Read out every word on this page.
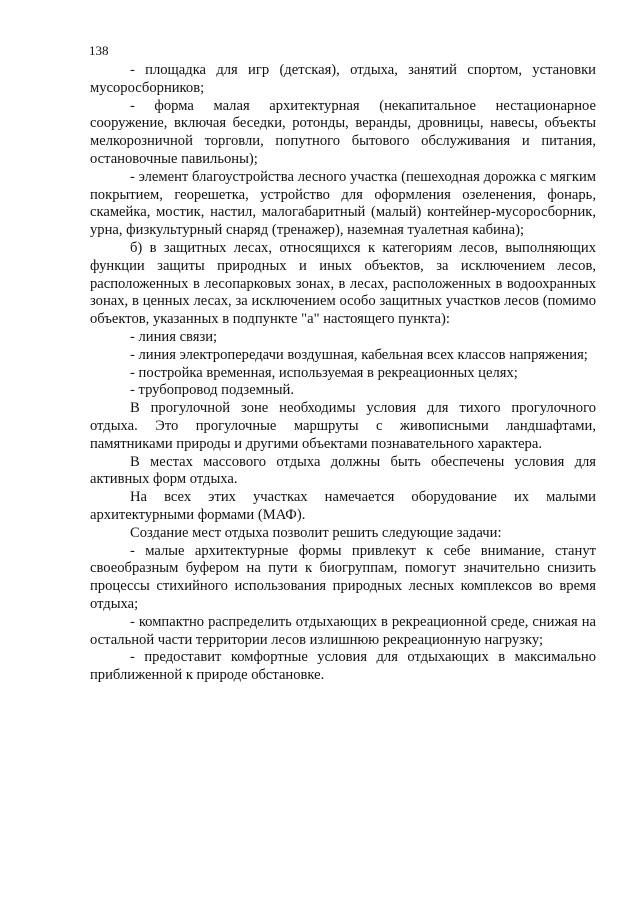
138

- площадка для игр (детская), отдыха, занятий спортом, установки мусоросборников;

- форма малая архитектурная (некапитальное нестационарное сооружение, включая беседки, ротонды, веранды, дровницы, навесы, объекты мелкорозничной торговли, попутного бытового обслуживания и питания, остановочные павильоны);

- элемент благоустройства лесного участка (пешеходная дорожка с мягким покрытием, георешетка, устройство для оформления озеленения, фонарь, скамейка, мостик, настил, малогабаритный (малый) контейнер-мусоросборник, урна, физкультурный снаряд (тренажер), наземная туалетная кабина);

б) в защитных лесах, относящихся к категориям лесов, выполняющих функции защиты природных и иных объектов, за исключением лесов, расположенных в лесопарковых зонах, в лесах, расположенных в водоохранных зонах, в ценных лесах, за исключением особо защитных участков лесов (помимо объектов, указанных в подпункте "а" настоящего пункта):

- линия связи;

- линия электропередачи воздушная, кабельная всех классов напряжения;

- постройка временная, используемая в рекреационных целях;

- трубопровод подземный.

В прогулочной зоне необходимы условия для тихого прогулочного отдыха. Это прогулочные маршруты с живописными ландшафтами, памятниками природы и другими объектами познавательного характера.

В местах массового отдыха должны быть обеспечены условия для активных форм отдыха.

На всех этих участках намечается оборудование их малыми архитектурными формами (МАФ).

Создание мест отдыха позволит решить следующие задачи:

- малые архитектурные формы привлекут к себе внимание, станут своеобразным буфером на пути к биогруппам, помогут значительно снизить процессы стихийного использования природных лесных комплексов во время отдыха;

- компактно распределить отдыхающих в рекреационной среде, снижая на остальной части территории лесов излишнюю рекреационную нагрузку;

- предоставит комфортные условия для отдыхающих в максимально приближенной к природе обстановке.
